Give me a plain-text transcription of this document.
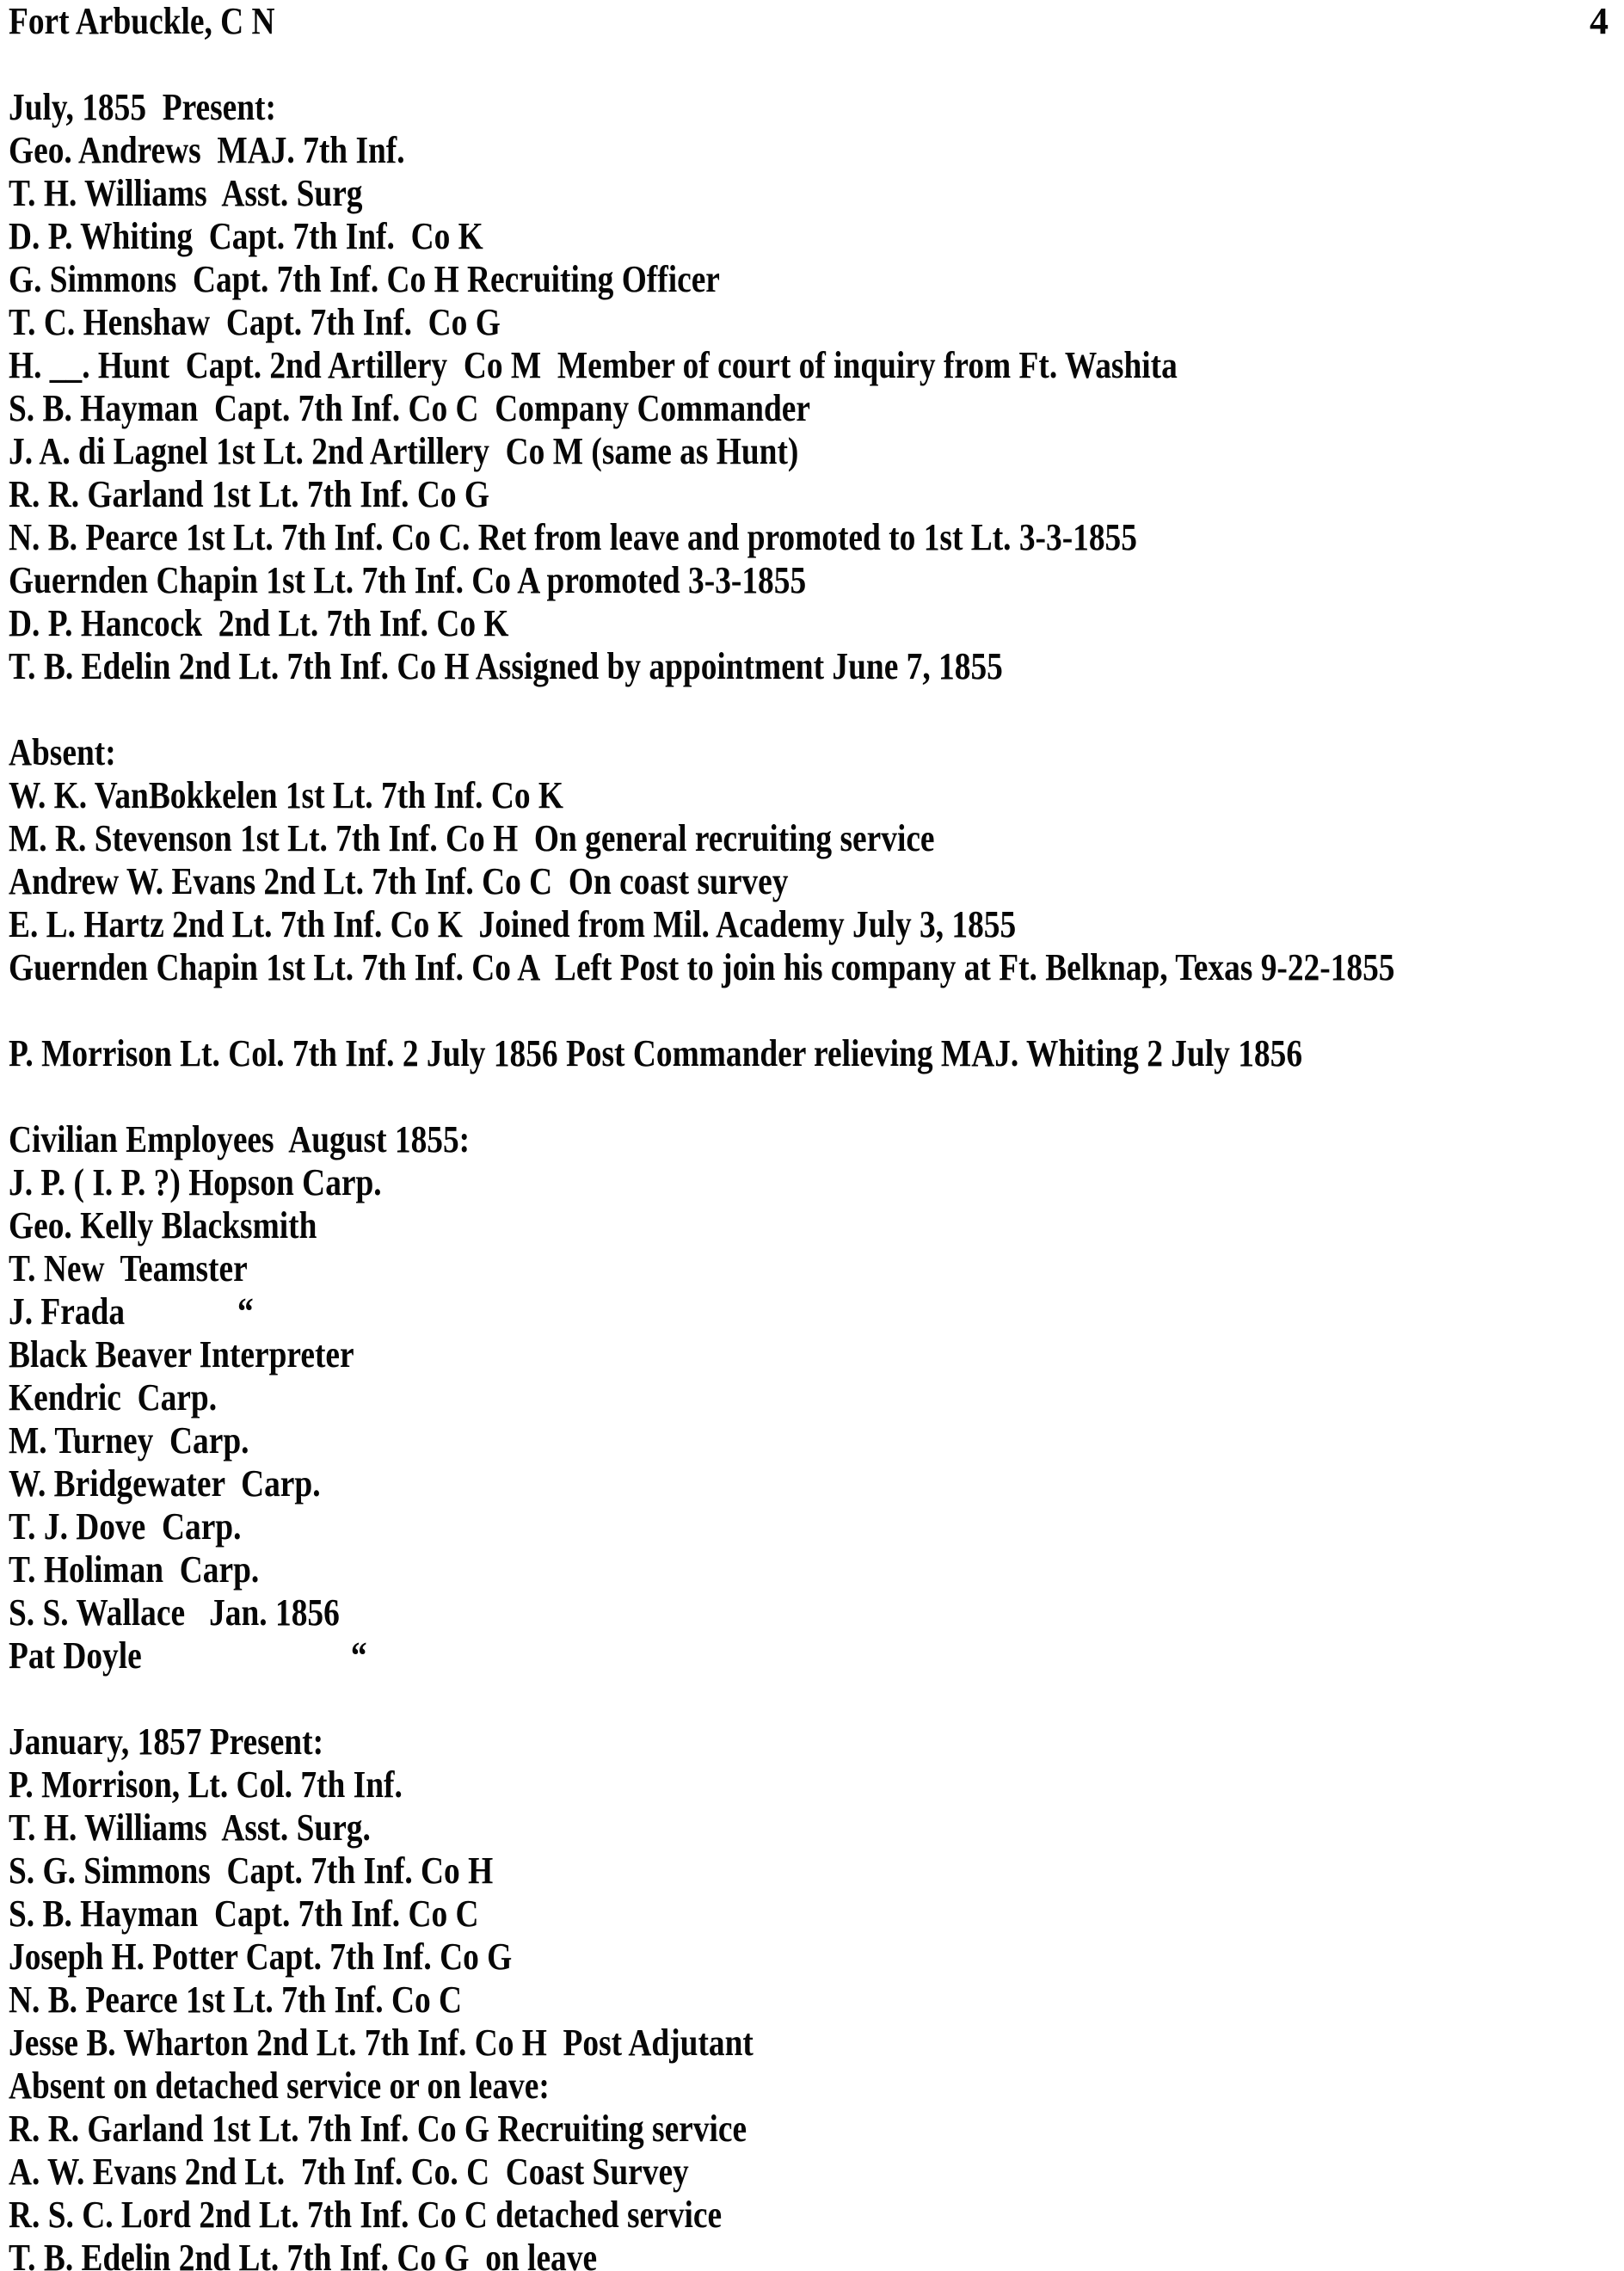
Fort Arbuckle, C N	4
July, 1855  Present:
Geo. Andrews  MAJ. 7th Inf.
T. H. Williams  Asst. Surg
D. P. Whiting  Capt. 7th Inf.  Co K
G. Simmons  Capt. 7th Inf. Co H Recruiting Officer
T. C. Henshaw  Capt. 7th Inf.  Co G
H. __. Hunt  Capt. 2nd Artillery  Co M  Member of court of inquiry from Ft. Washita
S. B. Hayman  Capt. 7th Inf. Co C  Company Commander
J. A. di Lagnel 1st Lt. 2nd Artillery  Co M (same as Hunt)
R. R. Garland 1st Lt. 7th Inf. Co G
N. B. Pearce 1st Lt. 7th Inf. Co C. Ret from leave and promoted to 1st Lt. 3-3-1855
Guernden Chapin 1st Lt. 7th Inf. Co A promoted 3-3-1855
D. P. Hancock  2nd Lt. 7th Inf. Co K
T. B. Edelin 2nd Lt. 7th Inf. Co H Assigned by appointment June 7, 1855
Absent:
W. K. VanBokkelen 1st Lt. 7th Inf. Co K
M. R. Stevenson 1st Lt. 7th Inf. Co H  On general recruiting service
Andrew W. Evans 2nd Lt. 7th Inf. Co C  On coast survey
E. L. Hartz 2nd Lt. 7th Inf. Co K  Joined from Mil. Academy July 3, 1855
Guernden Chapin 1st Lt. 7th Inf. Co A  Left Post to join his company at Ft. Belknap, Texas 9-22-1855
P. Morrison Lt. Col. 7th Inf. 2 July 1856 Post Commander relieving MAJ. Whiting 2 July 1856
Civilian Employees  August 1855:
J. P. ( I. P. ?) Hopson Carp.
Geo. Kelly Blacksmith
T. New  Teamster
J. Frada              “
Black Beaver Interpreter
Kendric  Carp.
M. Turney  Carp.
W. Bridgewater  Carp.
T. J. Dove  Carp.
T. Holiman  Carp.
S. S. Wallace   Jan. 1856
Pat Doyle                          “
January, 1857 Present:
P. Morrison, Lt. Col. 7th Inf.
T. H. Williams  Asst. Surg.
S. G. Simmons  Capt. 7th Inf. Co H
S. B. Hayman  Capt. 7th Inf. Co C
Joseph H. Potter Capt. 7th Inf. Co G
N. B. Pearce 1st Lt. 7th Inf. Co C
Jesse B. Wharton 2nd Lt. 7th Inf. Co H  Post Adjutant
Absent on detached service or on leave:
R. R. Garland 1st Lt. 7th Inf. Co G Recruiting service
A. W. Evans 2nd Lt.  7th Inf. Co. C  Coast Survey
R. S. C. Lord 2nd Lt. 7th Inf. Co C detached service
T. B. Edelin 2nd Lt. 7th Inf. Co G  on leave
